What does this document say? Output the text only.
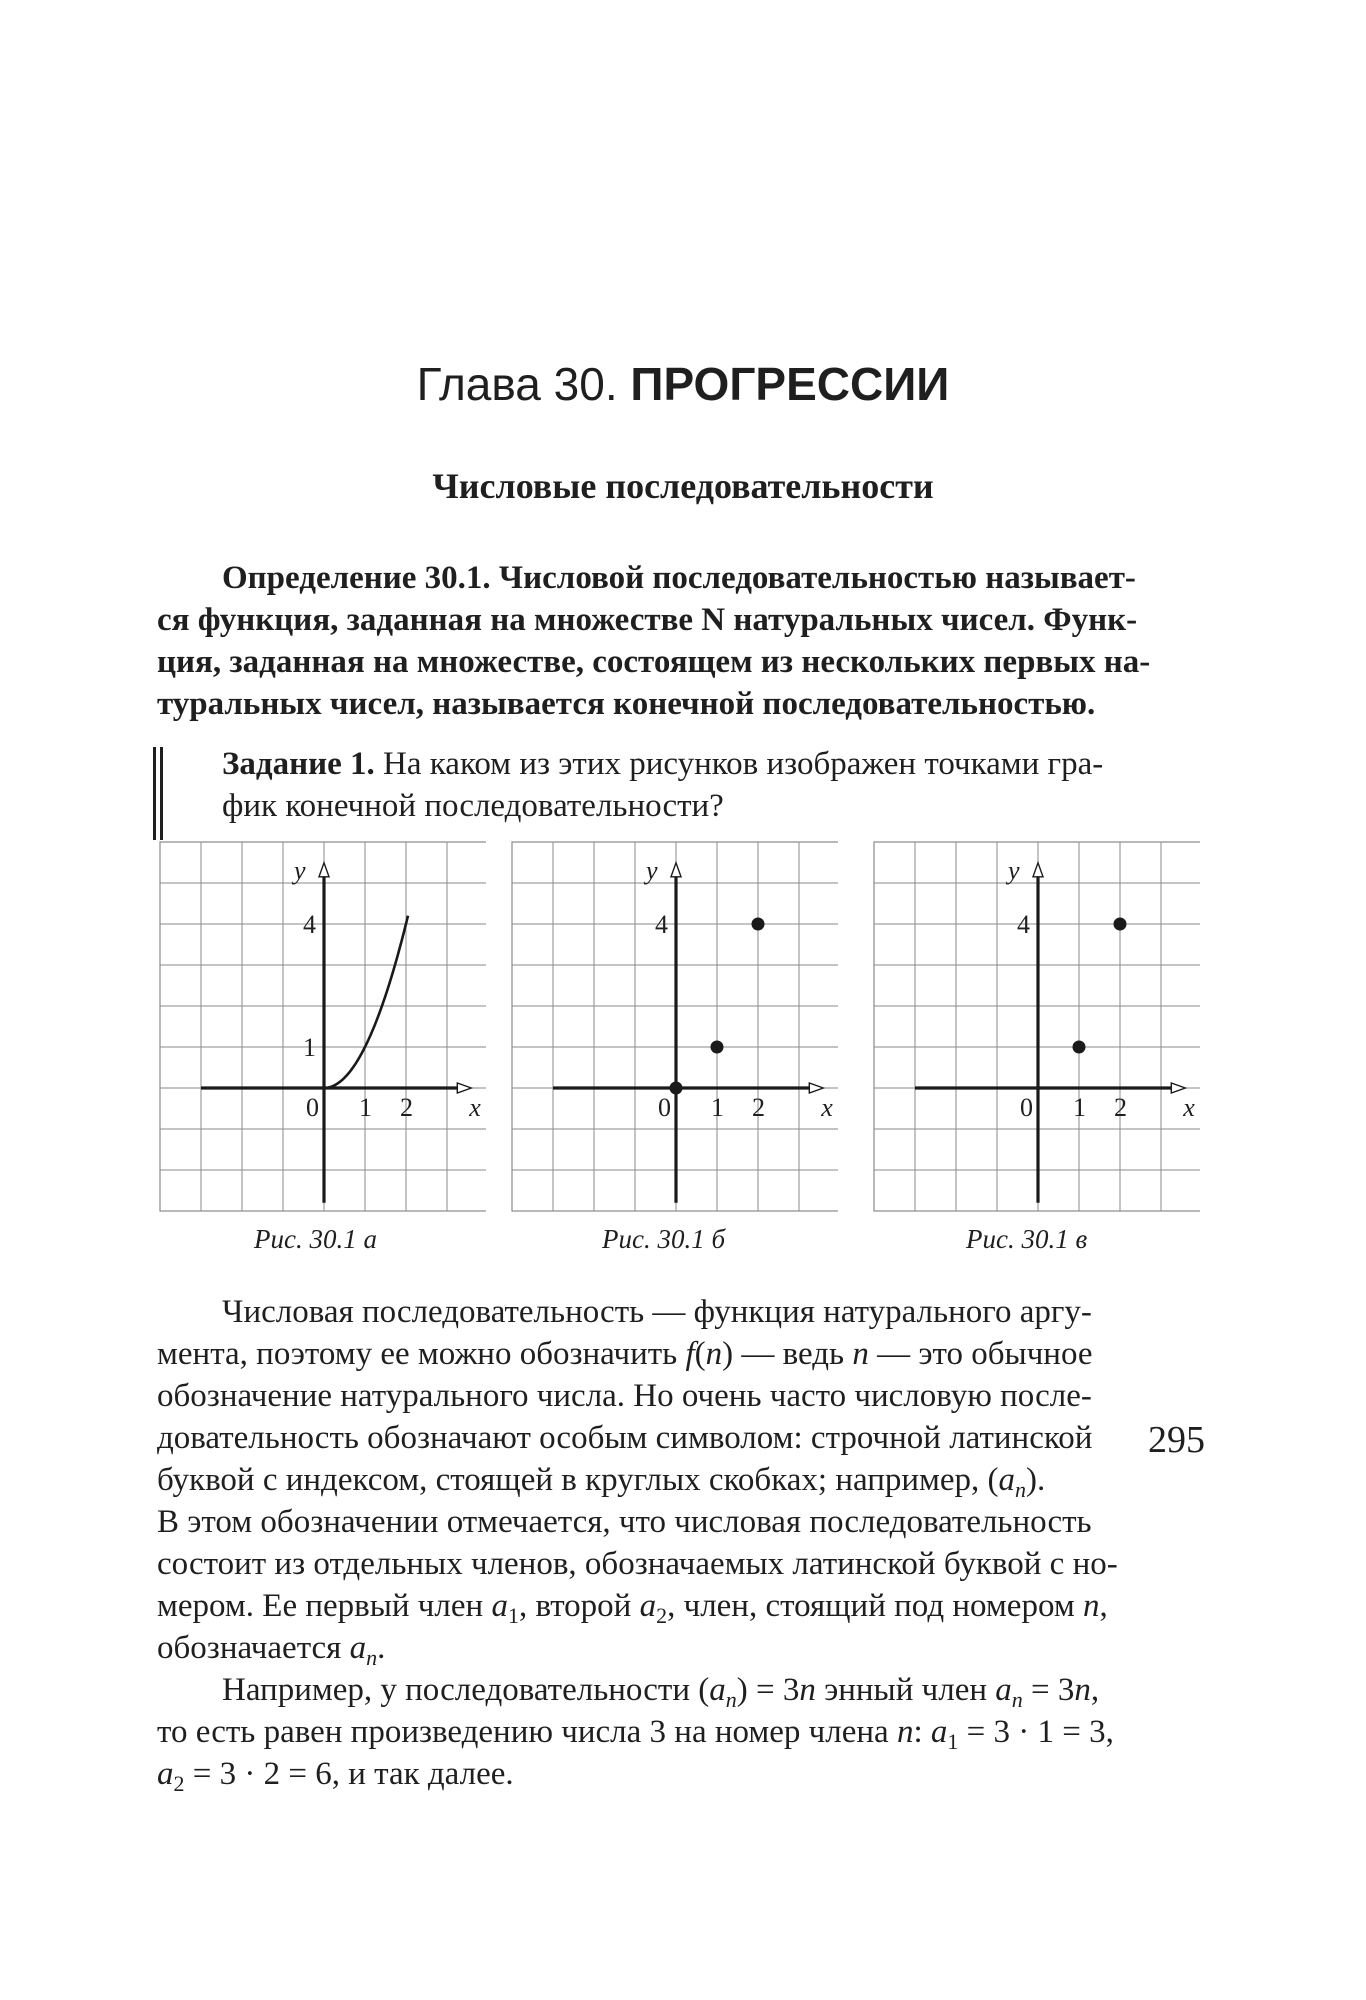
Глава 30. ПРОГРЕССИИ
Числовые последовательности

Определение 30.1. Числовой последовательностью называет-

ся функция, заданная на множестве N натуральных чисел. Функ-

ция, заданная на множестве, состоящем из нескольких первых на-

туральных чисел, называется конечной последовательностью.

Задание 1. На каком из этих рисунков изображен точками гра-

фик конечной последовательности?

y
x
0 1 2
4
1
y
x
0 1 2
4
y
x
0 1 2
4
Рис. 30.1 а	Рис. 30.1 б	Рис. 30.1 в

Числовая последовательность — функция натурального аргу-

мента, поэтому ее можно обозначить f(n) — ведь n — это обычное

обозначение натурального числа. Но очень часто числовую после-

довательность обозначают особым символом: строчной латинской

буквой с индексом, стоящей в круглых скобках; например, $(a_n)$.

В этом обозначении отмечается, что числовая последовательность

состоит из отдельных членов, обозначаемых латинской буквой с но-

мером. Ее первый член $a_1$, второй $a_2$, член, стоящий под номером n,

обозначается $a_n$.

Например, у последовательности $(a_n) = 3n$ энный член $a_n = 3n$,

то есть равен произведению числа 3 на номер члена n: $a_1 = 3 \cdot 1 = 3$,

$a_2 = 3 \cdot 2 = 6$, и так далее.

295
